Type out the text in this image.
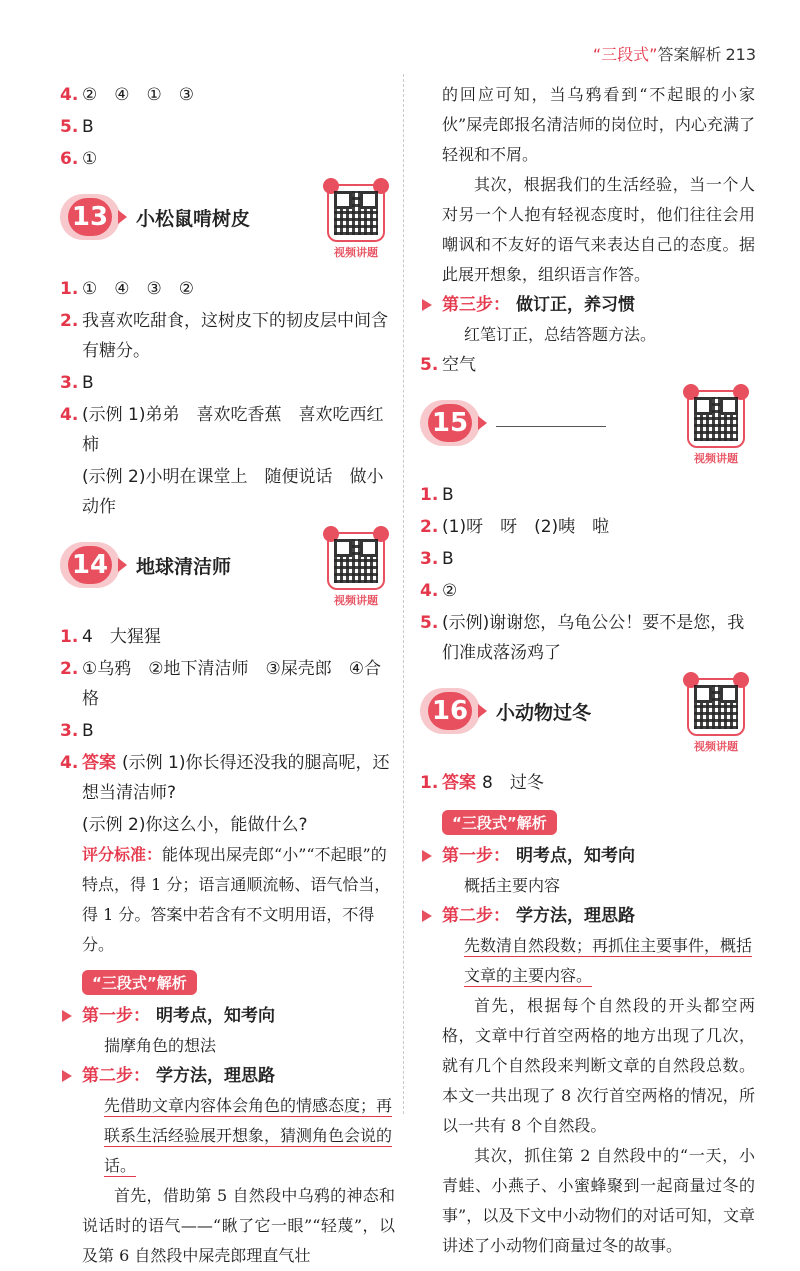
“三段式”答案解析 213
4. ②　④　①　③
5. B
6. ①
13 小松鼠啃树皮
视频讲题
1. ①　④　③　②
2. 我喜欢吃甜食，这树皮下的韧皮层中间含有糖分。
3. B
4. (示例 1)弟弟　喜欢吃香蕉　喜欢吃西红柿
(示例 2)小明在课堂上　随便说话　做小动作
14 地球清洁师
视频讲题
1. 4　大猩猩
2. ①乌鸦　②地下清洁师　③屎壳郎　④合格
3. B
4. 答案 (示例 1)你长得还没我的腿高呢，还想当清洁师?
(示例 2)你这么小，能做什么?
评分标准：能体现出屎壳郎“小”“不起眼”的特点，得 1 分；语言通顺流畅、语气恰当，得 1 分。答案中若含有不文明用语，不得分。
“三段式”解析
第一步： 明考点，知考向
揣摩角色的想法
第二步： 学方法，理思路
先借助文章内容体会角色的情感态度；再联系生活经验展开想象，猜测角色会说的话。
首先，借助第 5 自然段中乌鸦的神态和说话时的语气——“瞅了它一眼”“轻蔑”，以及第 6 自然段中屎壳郎理直气壮
的回应可知，当乌鸦看到“不起眼的小家伙”屎壳郎报名清洁师的岗位时，内心充满了轻视和不屑。
其次，根据我们的生活经验，当一个人对另一个人抱有轻视态度时，他们往往会用嘲讽和不友好的语气来表达自己的态度。据此展开想象，组织语言作答。
第三步： 做订正，养习惯
红笔订正，总结答题方法。
5. 空气
15
视频讲题
1. B
2. (1)呀　呀　(2)咦　啦
3. B
4. ②
5. (示例)谢谢您，乌龟公公！要不是您，我们准成落汤鸡了
16 小动物过冬
视频讲题
1. 答案 8　过冬
“三段式”解析
第一步： 明考点，知考向
概括主要内容
第二步： 学方法，理思路
先数清自然段数；再抓住主要事件，概括文章的主要内容。
首先，根据每个自然段的开头都空两格，文章中行首空两格的地方出现了几次，就有几个自然段来判断文章的自然段总数。本文一共出现了 8 次行首空两格的情况，所以一共有 8 个自然段。
其次，抓住第 2 自然段中的“一天，小青蛙、小燕子、小蜜蜂聚到一起商量过冬的事”，以及下文中小动物们的对话可知，文章讲述了小动物们商量过冬的故事。
